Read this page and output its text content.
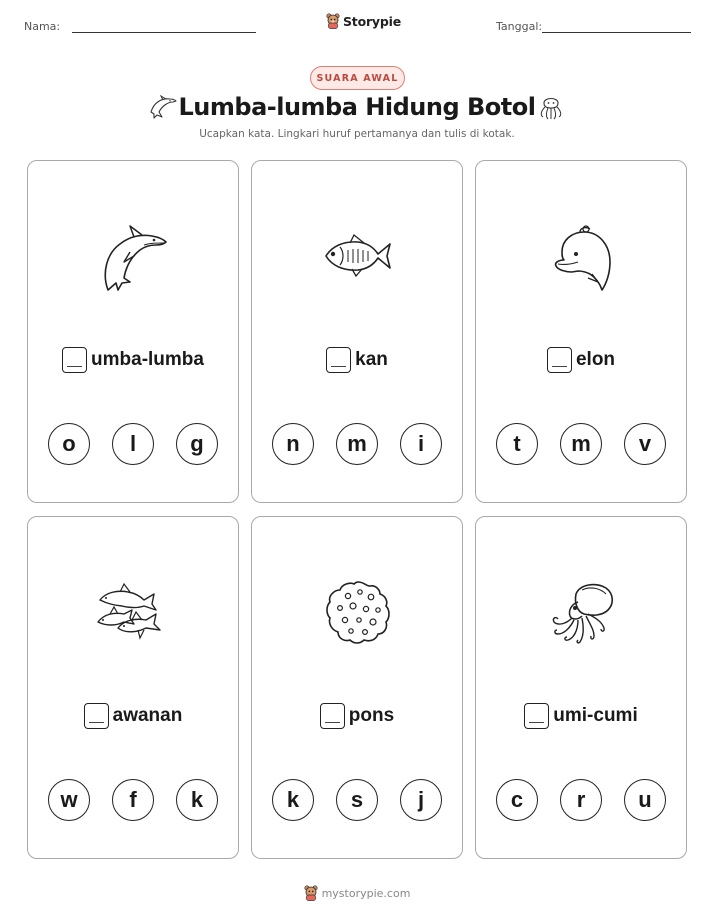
Nama:	Storypie	Tanggal:
SUARA AWAL
Lumba-lumba Hidung Botol
Ucapkan kata. Lingkari huruf pertamanya dan tulis di kotak.
umba-lumba
o	l	g
kan
n	m	i
elon
t	m	v
awanan
w	f	k
pons
k	s	j
umi-cumi
c	r	u
mystorypie.com
